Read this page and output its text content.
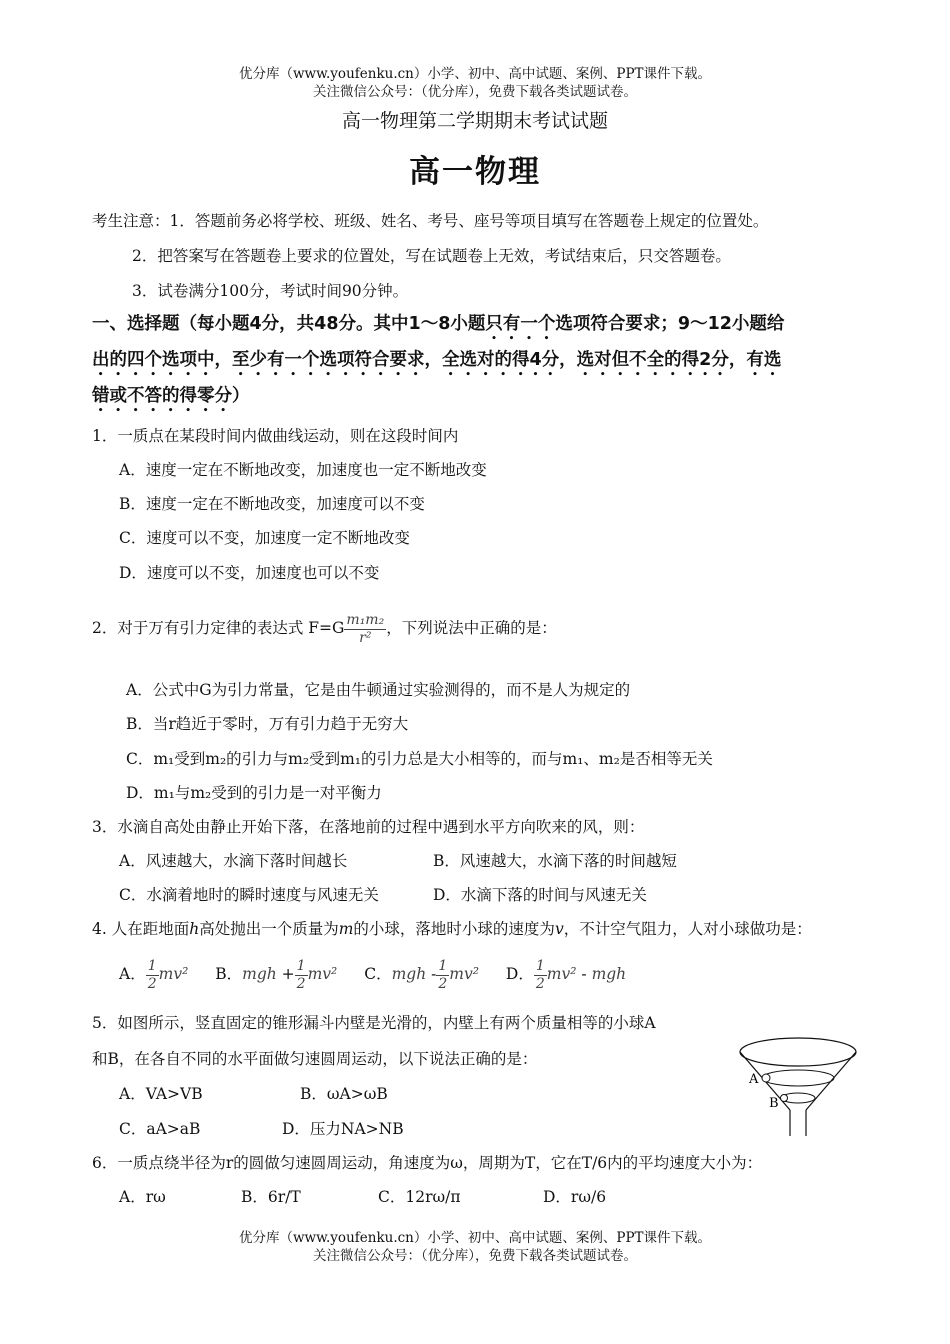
优分库（www.youfenku.cn）小学、初中、高中试题、案例、PPT课件下载。
关注微信公众号：（优分库），免费下载各类试题试卷。
高一物理第二学期期末考试试题
高一物理
考生注意：1．答题前务必将学校、班级、姓名、考号、座号等项目填写在答题卷上规定的位置处。
2．把答案写在答题卷上要求的位置处，写在试题卷上无效，考试结束后，只交答题卷。
3．试卷满分100分，考试时间90分钟。
一、选择题（每小题4分，共48分。其中1～8小题只有一个选项符合要求；9～12小题给
出的四个选项中，至少有一个选项符合要求，全选对的得4分，选对但不全的得2分，有选
错或不答的得零分）
1．一质点在某段时间内做曲线运动，则在这段时间内
A．速度一定在不断地改变，加速度也一定不断地改变
B．速度一定在不断地改变，加速度可以不变
C．速度可以不变，加速度一定不断地改变
D．速度可以不变，加速度也可以不变
2．对于万有引力定律的表达式 $F=G \frac{\text{m₁m₂}}{\text{r²}}$ ，下列说法中正确的是：
A．公式中G为引力常量，它是由牛顿通过实验测得的，而不是人为规定的
B．当r趋近于零时，万有引力趋于无穷大
C．m₁受到m₂的引力与m₂受到m₁的引力总是大小相等的，而与m₁、m₂是否相等无关
D．m₁与m₂受到的引力是一对平衡力
3．水滴自高处由静止开始下落，在落地前的过程中遇到水平方向吹来的风，则：
A．风速越大，水滴下落时间越长	B．风速越大，水滴下落的时间越短
C．水滴着地时的瞬时速度与风速无关	D．水滴下落的时间与风速无关
4. 人在距地面h高处抛出一个质量为m的小球，落地时小球的速度为v，不计空气阻力，人对小球做功是：
A． $\frac{1}{2} mv^2$ B．mgh + $\frac{1}{2} mv^2$ C．mgh - $\frac{1}{2} mv^2$ D． $\frac{1}{2} mv^2$ - mgh
5．如图所示，竖直固定的锥形漏斗内壁是光滑的，内壁上有两个质量相等的小球A
和B，在各自不同的水平面做匀速圆周运动，以下说法正确的是：
A．VA>VB	B．ωA>ωB
C．aA>aB	D．压力NA>NB
A
B
6．一质点绕半径为r的圆做匀速圆周运动，角速度为ω，周期为T，它在T/6内的平均速度大小为：
A．rω	B．6r/T	C．12rω/π	D．rω/6
优分库（www.youfenku.cn）小学、初中、高中试题、案例、PPT课件下载。
关注微信公众号：（优分库），免费下载各类试题试卷。
